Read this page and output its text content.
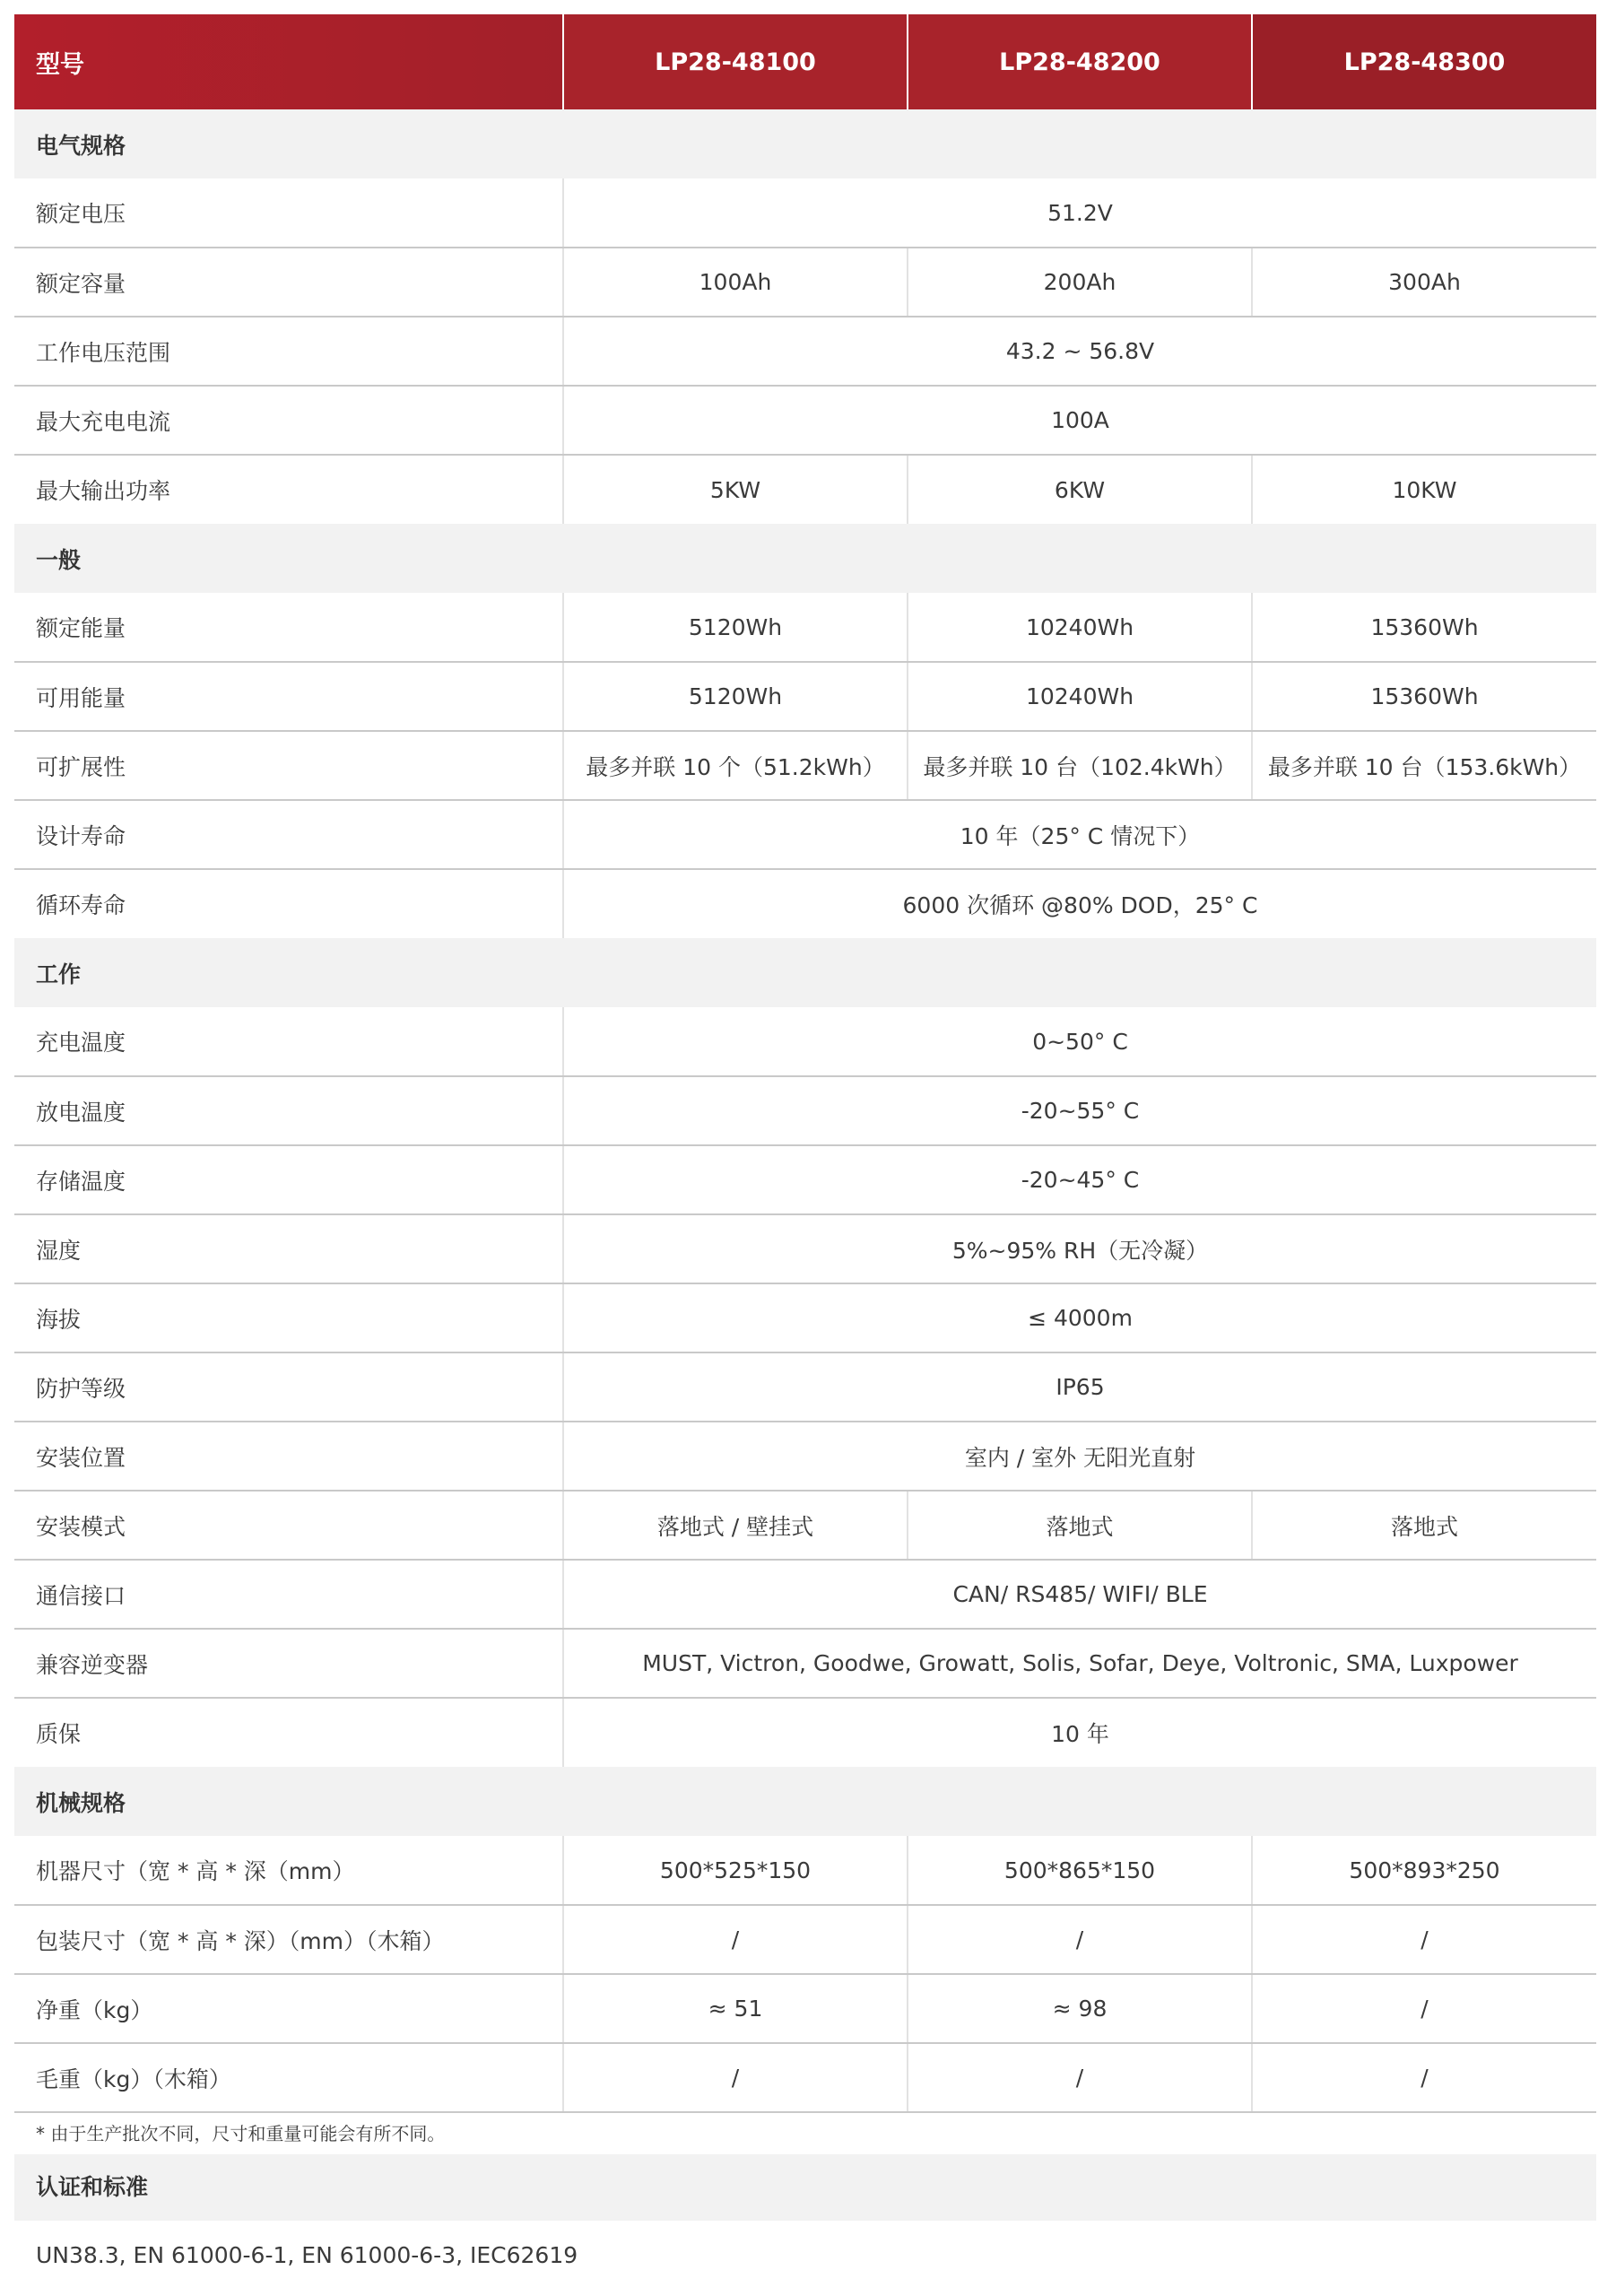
型号	LP28-48100	LP28-48200	LP28-48300
电气规格			
额定电压	51.2V		
额定容量	100Ah	200Ah	300Ah
工作电压范围	43.2 ~ 56.8V		
最大充电电流	100A		
最大输出功率	5KW	6KW	10KW
一般			
额定能量	5120Wh	10240Wh	15360Wh
可用能量	5120Wh	10240Wh	15360Wh
可扩展性	最多并联 10 个（51.2kWh）	最多并联 10 台（102.4kWh）	最多并联 10 台（153.6kWh）
设计寿命	10 年（25° C 情况下）		
循环寿命	6000 次循环 @80% DOD，25° C		
工作			
充电温度	0~50° C		
放电温度	-20~55° C		
存储温度	-20~45° C		
湿度	5%~95% RH（无冷凝）		
海拔	≤ 4000m		
防护等级	IP65		
安装位置	室内 / 室外 无阳光直射		
安装模式	落地式 / 壁挂式	落地式	落地式
通信接口	CAN/ RS485/ WIFI/ BLE		
兼容逆变器	MUST, Victron, Goodwe, Growatt, Solis, Sofar, Deye, Voltronic, SMA, Luxpower		
质保	10 年		
机械规格			
机器尺寸（宽 * 高 * 深（mm）	500*525*150	500*865*150	500*893*250
包装尺寸（宽 * 高 * 深）（mm）（木箱）	/	/	/
净重（kg）	≈ 51	≈ 98	/
毛重（kg）（木箱）	/	/	/
* 由于生产批次不同，尺寸和重量可能会有所不同。
认证和标准
UN38.3, EN 61000-6-1, EN 61000-6-3, IEC62619
